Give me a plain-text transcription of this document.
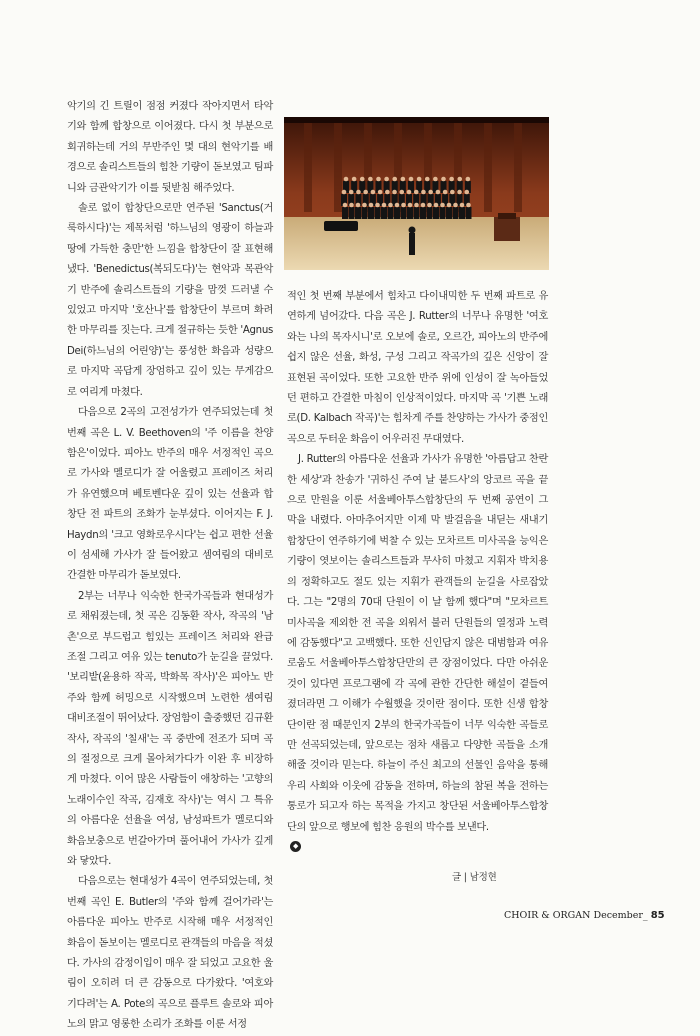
악기의 긴 트릴이 점점 커졌다 작아지면서 타악기와 함께 합창으로 이어졌다. 다시 첫 부분으로 회귀하는데 거의 무반주인 몇 대의 현악기를 배경으로 솔리스트들의 힘찬 기량이 돋보였고 팀파니와 금관악기가 이를 뒷받침 해주었다.

솔로 없이 합창단으로만 연주된 'Sanctus(거룩하시다)'는 제목처럼 '하느님의 영광이 하늘과 땅에 가득한 충만'한 느낌을 합창단이 잘 표현해냈다. 'Benedictus(복되도다)'는 현악과 목관악기 반주에 솔리스트들의 기량을 맘껏 드러낼 수 있었고 마지막 '호산나'를 합창단이 부르며 화려한 마무리를 짓는다. 크게 절규하는 듯한 'Agnus Dei(하느님의 어린양)'는 풍성한 화음과 성량으로 마지막 곡답게 장엄하고 깊이 있는 무게감으로 여리게 마쳤다.

다음으로 2곡의 고전성가가 연주되었는데 첫 번째 곡은 L. V. Beethoven의 '주 이름을 찬양함은'이었다. 피아노 반주의 매우 서정적인 곡으로 가사와 멜로디가 잘 어울렸고 프레이즈 처리가 유연했으며 베토벤다운 깊이 있는 선율과 합창단 전 파트의 조화가 눈부셨다. 이어지는 F. J. Haydn의 '크고 영화로우시다'는 쉽고 편한 선율이 섬세해 가사가 잘 들어왔고 셈여림의 대비로 간결한 마무리가 돋보였다.

2부는 너무나 익숙한 한국가곡들과 현대성가로 채워졌는데, 첫 곡은 김동환 작사, 작곡의 '남촌'으로 부드럽고 힘있는 프레이즈 처리와 완급조절 그리고 여유 있는 tenuto가 눈길을 끌었다. '보리밭(윤용하 작곡, 박화목 작사)'은 피아노 반주와 함께 허밍으로 시작했으며 노련한 셈여림 대비조절이 뛰어났다. 장엄함이 출중했던 김규환 작사, 작곡의 '칠새'는 곡 중반에 전조가 되며 곡의 절정으로 크게 몰아쳐가다가 이완 후 비장하게 마쳤다. 이어 많은 사람들이 애창하는 '고향의 노래이수인 작곡, 김재호 작사)'는 역시 그 특유의 아름다운 선율을 여성, 남성파트가 멜로디와 화음보충으로 번갈아가며 풀어내어 가사가 깊게 와 닿았다.

다음으로는 현대성가 4곡이 연주되었는데, 첫 번째 곡인 E. Butler의 '주와 함께 걸어가라'는 아름다운 피아노 반주로 시작해 매우 서정적인 화음이 돋보이는 멜로디로 관객들의 마음을 적셨다. 가사의 감정이입이 매우 잘 되었고 고요한 울림이 오히려 더 큰 감동으로 다가왔다. '여호와 기다려'는 A. Pote의 곡으로 플루트 솔로와 피아노의 맑고 영롱한 소리가 조화를 이룬 서정

적인 첫 번째 부분에서 힘차고 다이내믹한 두 번째 파트로 유연하게 넘어갔다. 다음 곡은 J. Rutter의 너무나 유명한 '여호와는 나의 목자시니'로 오보에 솔로, 오르간, 피아노의 반주에 쉽지 않은 선율, 화성, 구성 그리고 작곡가의 깊은 신앙이 잘 표현된 곡이었다. 또한 고요한 반주 위에 인성이 잘 녹아들었던 편하고 간결한 마침이 인상적이었다. 마지막 곡 '기쁜 노래로(D. Kalbach 작곡)'는 힘차게 주를 찬양하는 가사가 중점인 곡으로 두터운 화음이 어우러진 무대였다.

J. Rutter의 아름다운 선율과 가사가 유명한 '아름답고 찬란한 세상'과 찬송가 '귀하신 주여 날 붙드사'의 앙코르 곡을 끝으로 만원을 이룬 서울베아투스합창단의 두 번째 공연이 그 막을 내렸다. 아마추어지만 이제 막 발걸음을 내딛는 새내기 합창단이 연주하기에 벅찰 수 있는 모차르트 미사곡을 능익은 기량이 엿보이는 솔리스트들과 무사히 마쳤고 지휘자 박치용의 정확하고도 절도 있는 지휘가 관객들의 눈길을 사로잡았다. 그는 "2명의 70대 단원이 이 날 함께 했다"며 "모차르트 미사곡을 제외한 전 곡을 외워서 불러 단원들의 열정과 노력에 감동했다"고 고백했다. 또한 신인답지 않은 대범함과 여유로움도 서울베아투스합창단만의 큰 장점이었다. 다만 아쉬운 것이 있다면 프로그램에 각 곡에 관한 간단한 해설이 곁들여졌더라면 그 이해가 수월했을 것이란 점이다. 또한 신생 합창단이란 점 때문인지 2부의 한국가곡들이 너무 익숙한 곡들로만 선곡되었는데, 앞으로는 점차 새롭고 다양한 곡들을 소개해줄 것이라 믿는다. 하늘이 주신 최고의 선물인 음악을 통해 우리 사회와 이웃에 감동을 전하며, 하늘의 참된 복을 전하는 통로가 되고자 하는 목적을 가지고 창단된 서울베아투스합창단의 앞으로 행보에 힘찬 응원의 박수를 보낸다.

◆
글 | 남정현
CHOIR & ORGAN December_ 85
